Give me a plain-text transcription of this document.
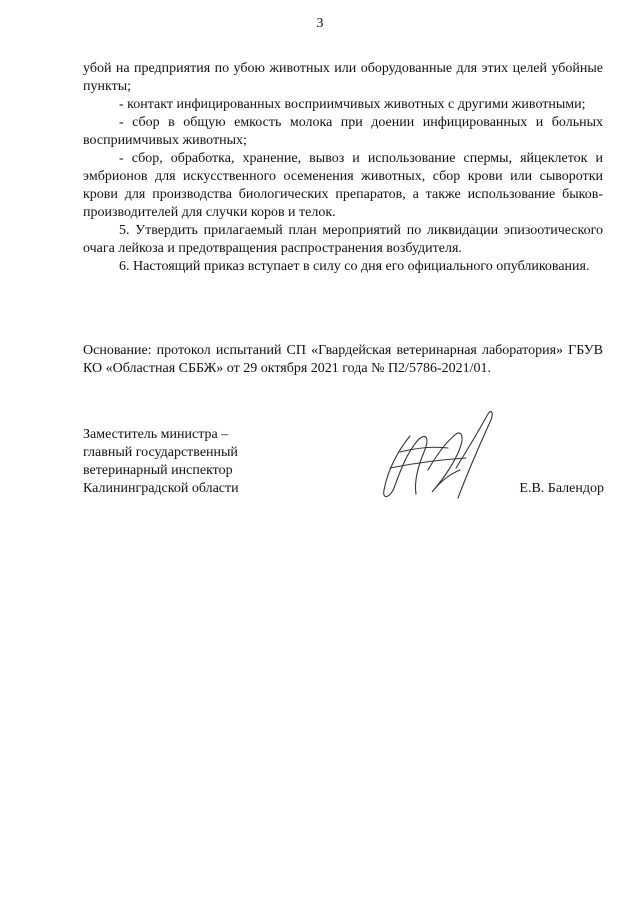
3

убой на предприятия по убою животных или оборудованные для этих целей убойные пункты;

- контакт инфицированных восприимчивых животных с другими животными;

- сбор в общую емкость молока при доении инфицированных и больных восприимчивых животных;

- сбор, обработка, хранение, вывоз и использование спермы, яйцеклеток и эмбрионов для искусственного осеменения животных, сбор крови или сыворотки крови для производства биологических препаратов, а также использование быков-производителей для случки коров и телок.

5. Утвердить прилагаемый план мероприятий по ликвидации эпизоотического очага лейкоза и предотвращения распространения возбудителя.

6. Настоящий приказ вступает в силу со дня его официального опубликования.

Основание: протокол испытаний СП «Гвардейская ветеринарная лаборатория» ГБУВ КО «Областная СББЖ» от 29 октября 2021 года № П2/5786-2021/01.

Заместитель министра –
главный государственный
ветеринарный инспектор
Калининградской области	Е.В. Балендор
